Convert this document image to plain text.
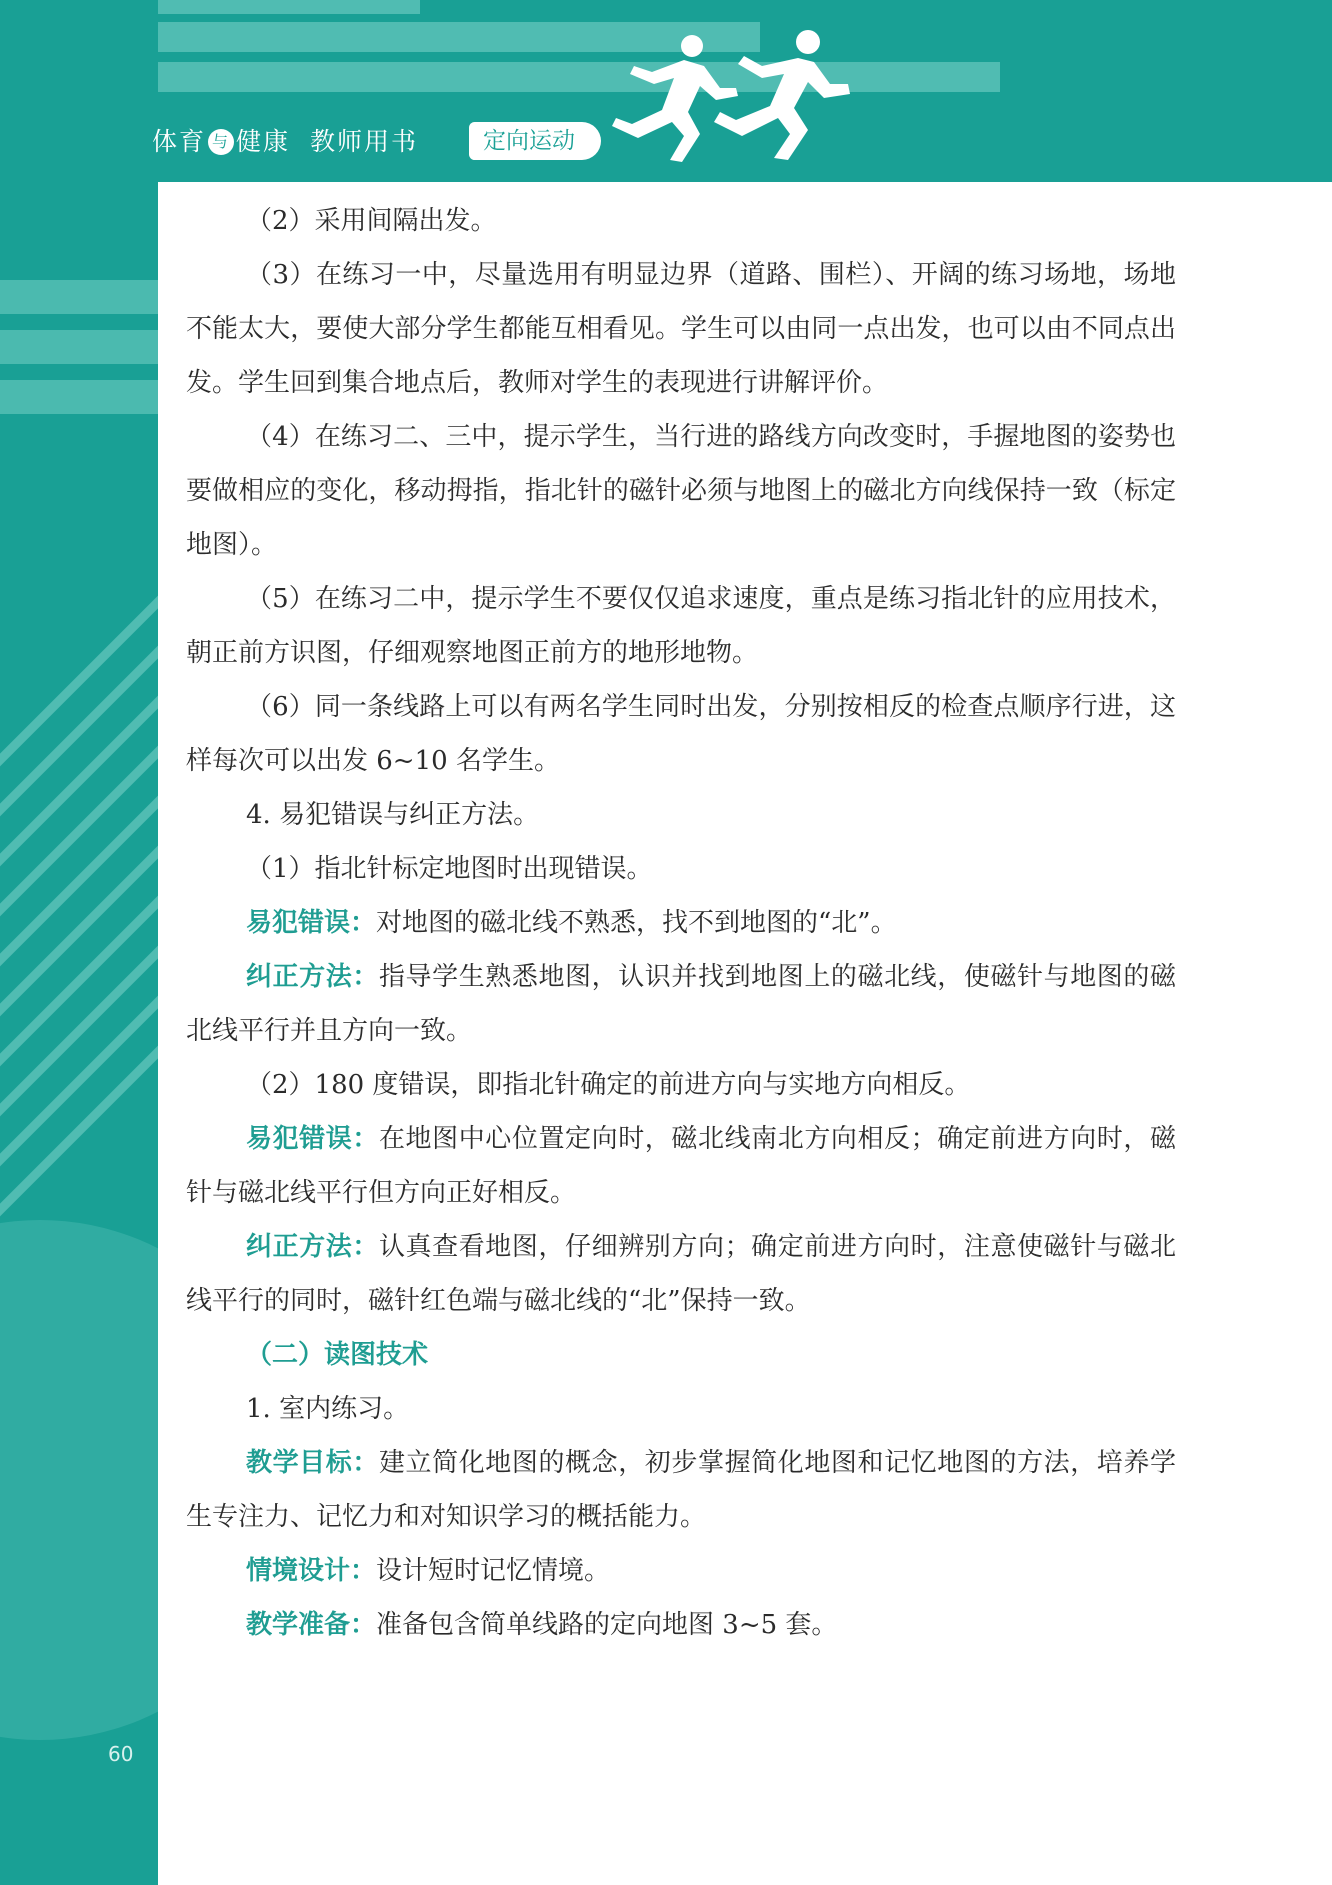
体育 与 健康 教师用书	定向运动

（2）采用间隔出发。

（3）在练习一中，尽量选用有明显边界（道路、围栏）、开阔的练习场地，场地不能太大，要使大部分学生都能互相看见。学生可以由同一点出发，也可以由不同点出发。学生回到集合地点后，教师对学生的表现进行讲解评价。

（4）在练习二、三中，提示学生，当行进的路线方向改变时，手握地图的姿势也要做相应的变化，移动拇指，指北针的磁针必须与地图上的磁北方向线保持一致（标定地图）。

（5）在练习二中，提示学生不要仅仅追求速度，重点是练习指北针的应用技术，朝正前方识图，仔细观察地图正前方的地形地物。

（6）同一条线路上可以有两名学生同时出发，分别按相反的检查点顺序行进，这样每次可以出发 6~10 名学生。

4. 易犯错误与纠正方法。

（1）指北针标定地图时出现错误。

易犯错误：对地图的磁北线不熟悉，找不到地图的“北”。

纠正方法：指导学生熟悉地图，认识并找到地图上的磁北线，使磁针与地图的磁北线平行并且方向一致。

（2）180 度错误，即指北针确定的前进方向与实地方向相反。

易犯错误：在地图中心位置定向时，磁北线南北方向相反；确定前进方向时，磁针与磁北线平行但方向正好相反。

纠正方法：认真查看地图，仔细辨别方向；确定前进方向时，注意使磁针与磁北线平行的同时，磁针红色端与磁北线的“北”保持一致。

（二）读图技术

1. 室内练习。

教学目标：建立简化地图的概念，初步掌握简化地图和记忆地图的方法，培养学生专注力、记忆力和对知识学习的概括能力。

情境设计：设计短时记忆情境。

教学准备：准备包含简单线路的定向地图 3~5 套。

60
